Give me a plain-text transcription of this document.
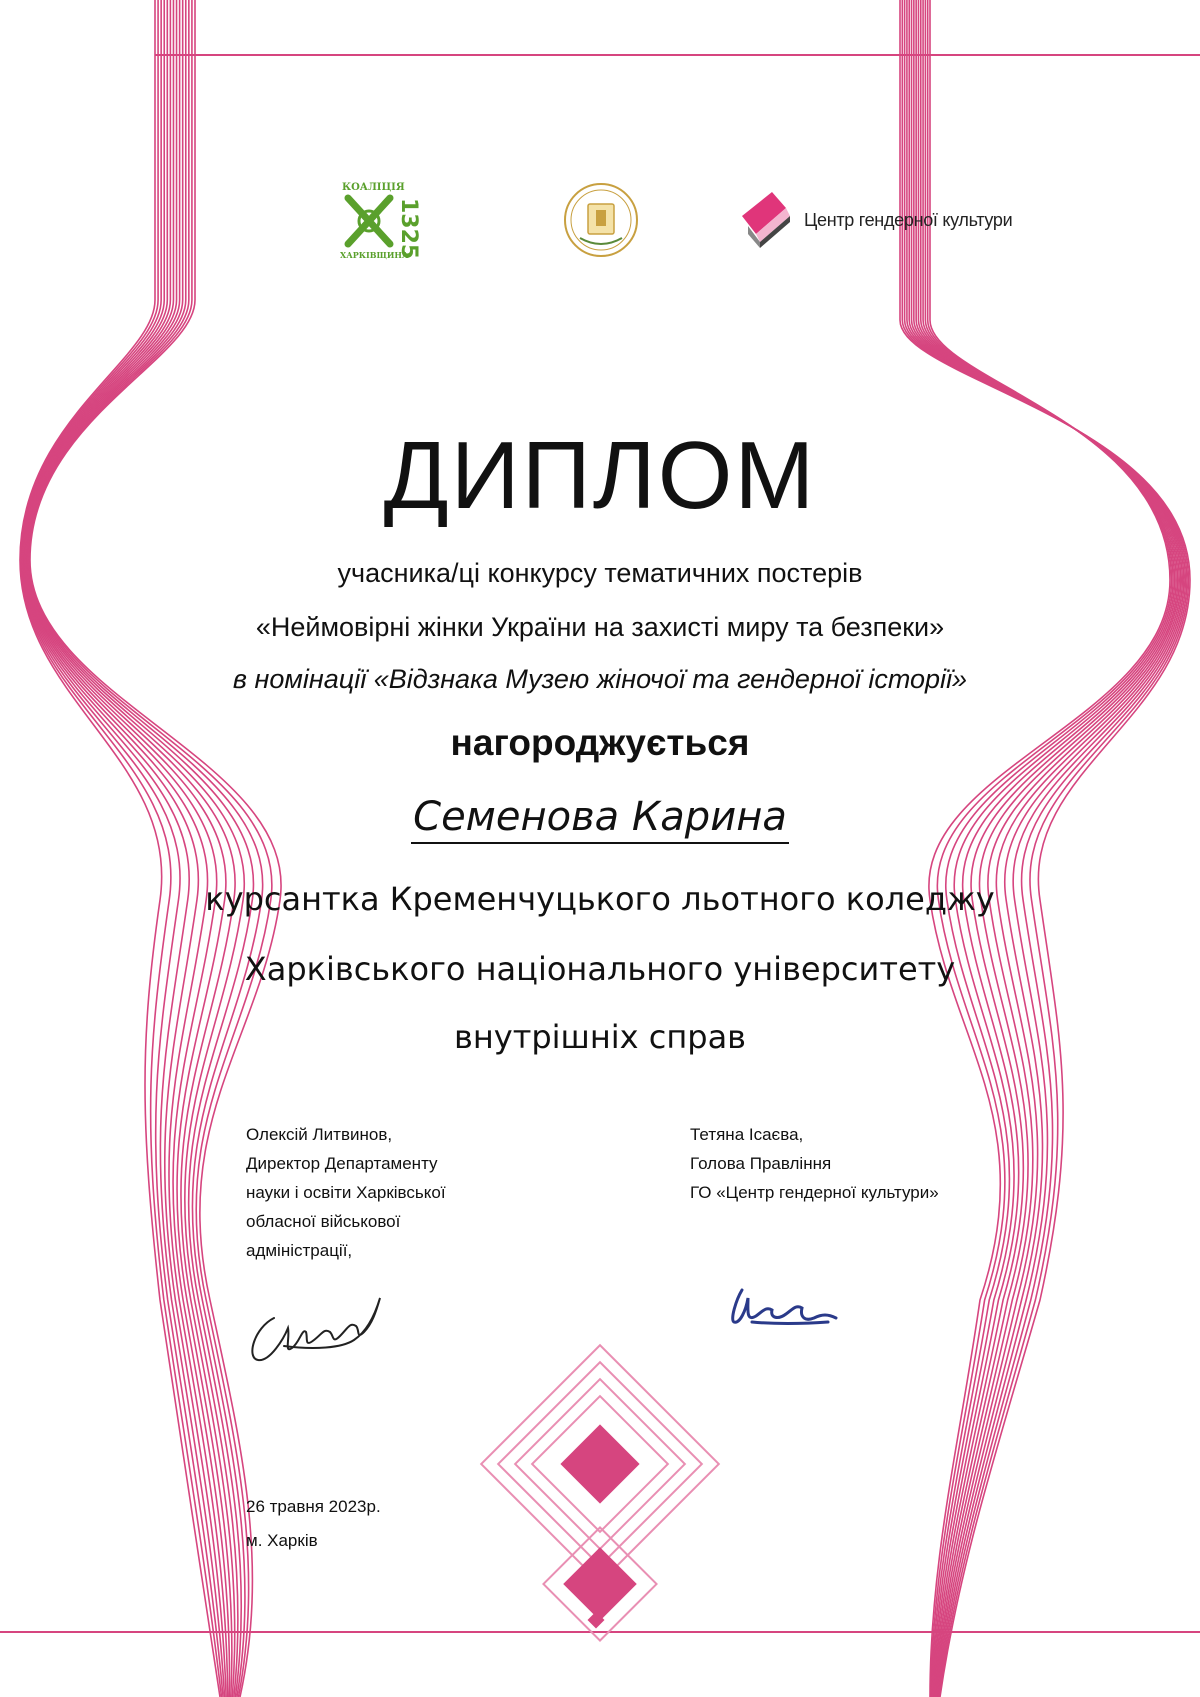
КОАЛІЦІЯ
1325
ХАРКІВЩИНА
Центр гендерної культури
ДИПЛОМ
учасника/ці конкурсу тематичних постерів
«Неймовірні жінки України на захисті миру та безпеки»
в номінації «Відзнака Музею жіночої та гендерної історії»
нагороджується
Семенова Карина
курсантка Кременчуцького льотного коледжу
Харківського національного університету
внутрішніх справ
Олексій Литвинов,
Директор Департаменту
науки і освіти Харківської
обласної військової
адміністрації,
Тетяна Ісаєва,
Голова Правління
ГО «Центр гендерної культури»
26 травня 2023р.
м. Харків
